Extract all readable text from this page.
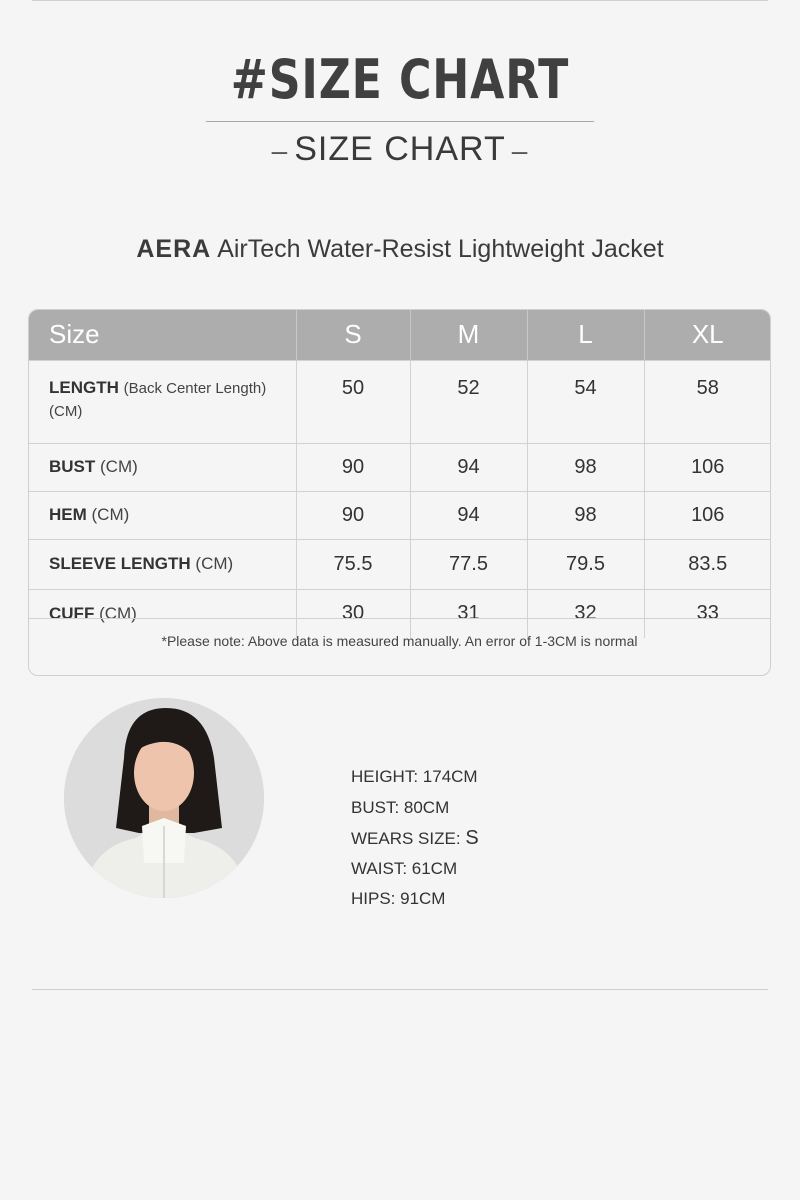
#SIZE CHART
– SIZE CHART –
AERA AirTech Water-Resist Lightweight Jacket
Size	S	M	L	XL
LENGTH (Back Center Length)
(CM)	50	52	54	58
BUST (CM)	90	94	98	106
HEM (CM)	90	94	98	106
SLEEVE LENGTH (CM)	75.5	77.5	79.5	83.5
CUFF (CM)	30	31	32	33
*Please note: Above data is measured manually. An error of 1-3CM is normal
HEIGHT: 174CM
BUST: 80CM
WEARS SIZE: S
WAIST: 61CM
HIPS: 91CM
